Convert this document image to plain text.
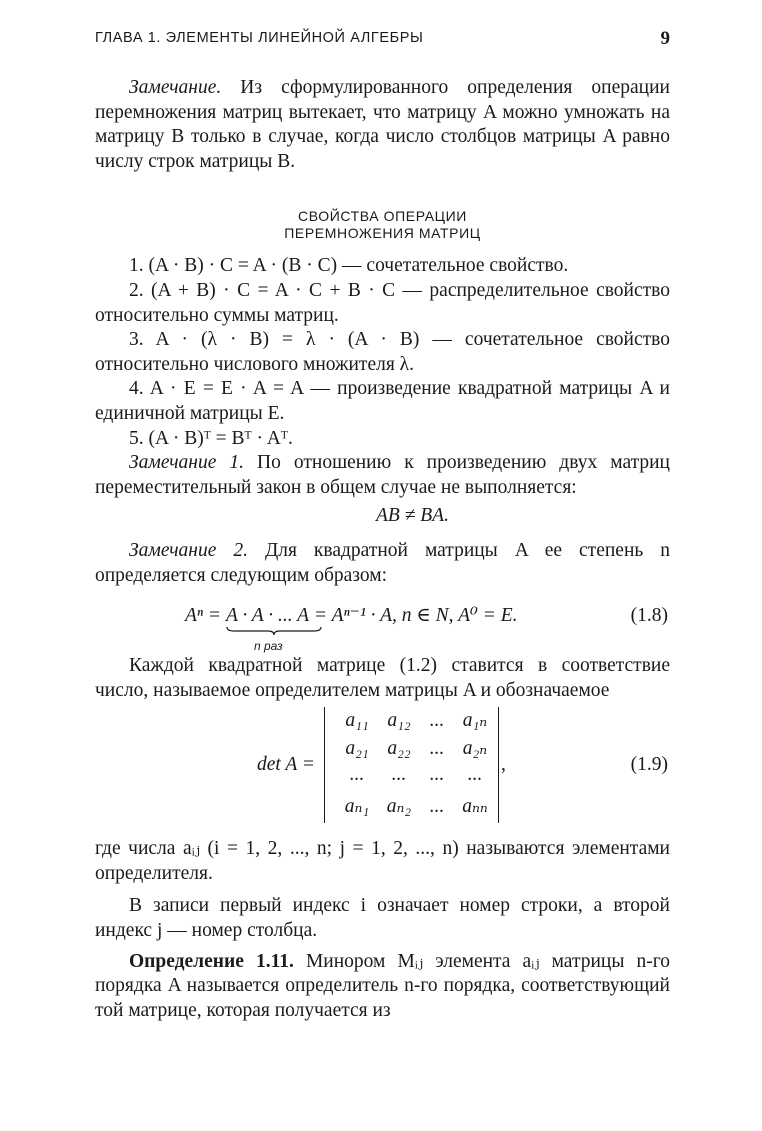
ГЛАВА 1. ЭЛЕМЕНТЫ ЛИНЕЙНОЙ АЛГЕБРЫ	9

Замечание. Из сформулированного определения операции перемножения матриц вытекает, что матрицу A можно умножать на матрицу B только в случае, когда число столбцов матрицы A равно числу строк матрицы B.

СВОЙСТВА ОПЕРАЦИИ
ПЕРЕМНОЖЕНИЯ МАТРИЦ

1. (A · B) · C = A · (B · C) — сочетательное свойство.

2. (A + B) · C = A · C + B · C — распределительное свойство относительно суммы матриц.

3. A · (λ · B) = λ · (A · B) — сочетательное свойство относительно числового множителя λ.

4. A · E = E · A = A — произведение квадратной матрицы A и единичной матрицы E.

5. (A · B)ᵀ = Bᵀ · Aᵀ.

Замечание 1. По отношению к произведению двух матриц переместительный закон в общем случае не выполняется:

AB ≠ BA.

Замечание 2. Для квадратной матрицы A ее степень n определяется следующим образом:

Aⁿ = A · A · ... A
n раз
= Aⁿ⁻¹ · A, n ∈ N, A⁰ = E.	(1.8)

Каждой квадратной матрице (1.2) ставится в соответствие число, называемое определителем матрицы A и обозначаемое

det A =
a₁₁ a₁₂ ... a₁ₙ
a₂₁ a₂₂ ... a₂ₙ
...	...	...	...
aₙ₁ aₙ₂ ... aₙₙ
,	(1.9)

где числа aᵢⱼ (i = 1, 2, ..., n; j = 1, 2, ..., n) называются элементами определителя.

В записи первый индекс i означает номер строки, а второй индекс j — номер столбца.

Определение 1.11. Минором Mᵢⱼ элемента aᵢⱼ матрицы n-го порядка A называется определитель n-го порядка, соответствующий той матрице, которая получается из
